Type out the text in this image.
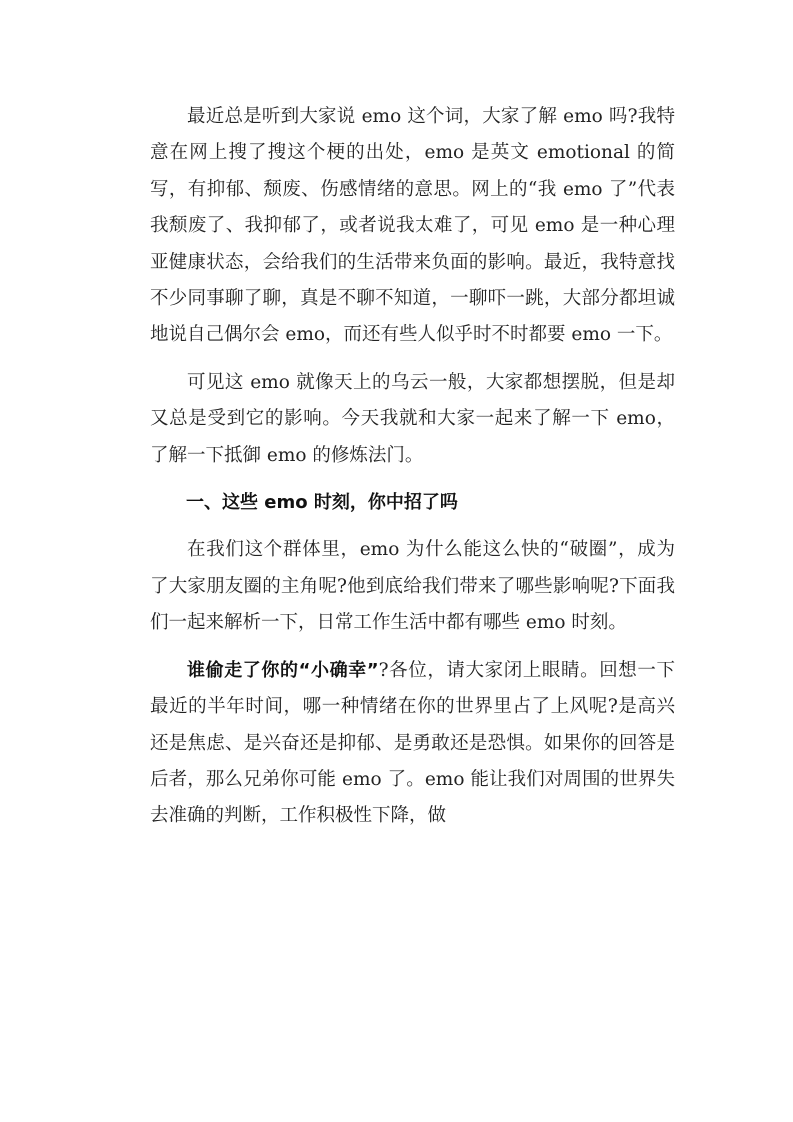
最近总是听到大家说 emo 这个词，大家了解 emo 吗?我特意在网上搜了搜这个梗的出处，emo 是英文 emotional 的简写，有抑郁、颓废、伤感情绪的意思。网上的“我 emo 了”代表我颓废了、我抑郁了，或者说我太难了，可见 emo 是一种心理亚健康状态，会给我们的生活带来负面的影响。最近，我特意找不少同事聊了聊，真是不聊不知道，一聊吓一跳，大部分都坦诚地说自己偶尔会 emo，而还有些人似乎时不时都要 emo 一下。

可见这 emo 就像天上的乌云一般，大家都想摆脱，但是却又总是受到它的影响。今天我就和大家一起来了解一下 emo，了解一下抵御 emo 的修炼法门。

一、这些 emo 时刻，你中招了吗

在我们这个群体里，emo 为什么能这么快的“破圈”，成为了大家朋友圈的主角呢?他到底给我们带来了哪些影响呢?下面我们一起来解析一下，日常工作生活中都有哪些 emo 时刻。

谁偷走了你的“小确幸”?各位，请大家闭上眼睛。回想一下最近的半年时间，哪一种情绪在你的世界里占了上风呢?是高兴还是焦虑、是兴奋还是抑郁、是勇敢还是恐惧。如果你的回答是后者，那么兄弟你可能 emo 了。emo 能让我们对周围的世界失去准确的判断，工作积极性下降，做
